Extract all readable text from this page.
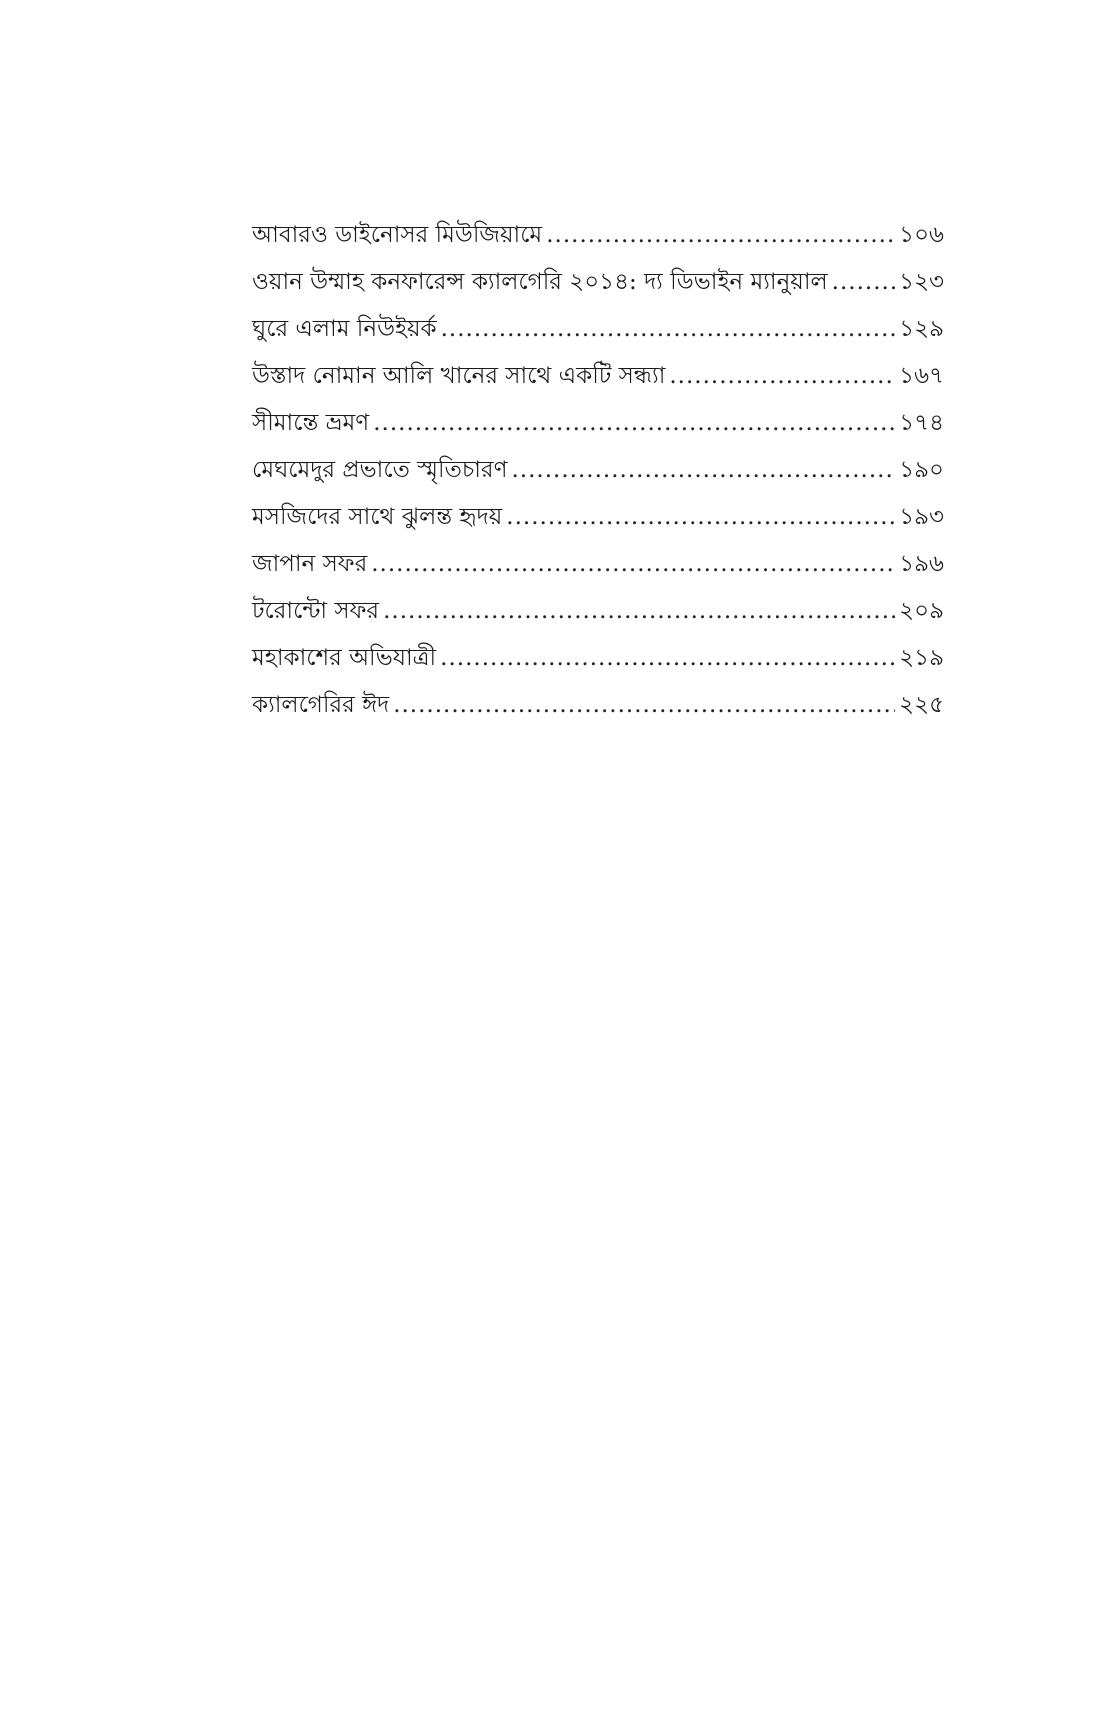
আবারও ডাইনোসর মিউজিয়ামে .....	১০৬
ওয়ান উম্মাহ কনফারেন্স ক্যালগেরি ২০১৪: দ্য ডিভাইন ম্যানুয়াল .....	১২৩
ঘুরে এলাম নিউইয়র্ক .....	১২৯
উস্তাদ নোমান আলি খানের সাথে একটি সন্ধ্যা .....	১৬৭
সীমান্তে ভ্রমণ .....	১৭৪
মেঘমেদুর প্রভাতে স্মৃতিচারণ .....	১৯০
মসজিদের সাথে ঝুলন্ত হৃদয় .....	১৯৩
জাপান সফর .....	১৯৬
টরোন্টো সফর .....	২০৯
মহাকাশের অভিযাত্রী .....	২১৯
ক্যালগেরির ঈদ .....	২২৫
